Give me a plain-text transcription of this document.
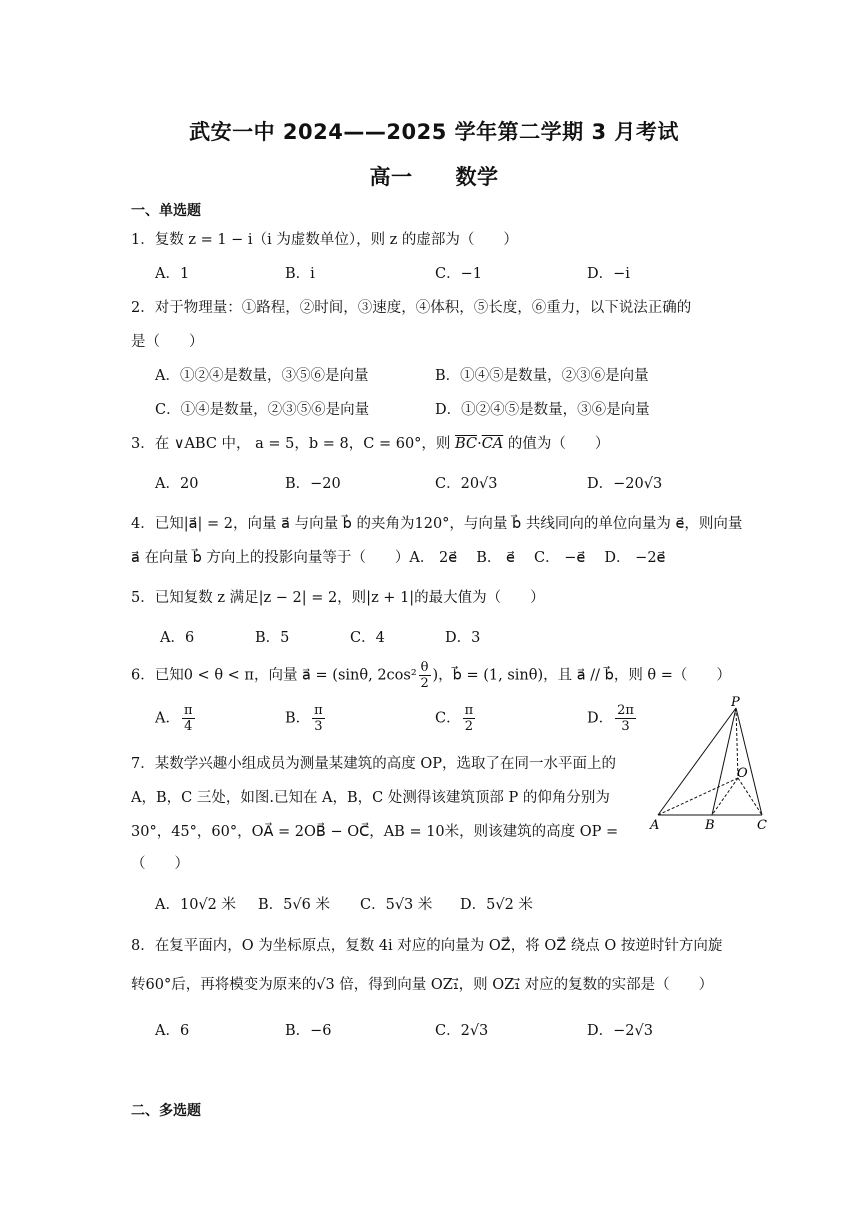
武安一中 2024——2025 学年第二学期 3 月考试
高一　　数学
一、单选题
1．复数 z = 1 − i（i 为虚数单位），则 z 的虚部为（　　）
A．1	B．i	C．−1	D．−i
2．对于物理量：①路程，②时间，③速度，④体积，⑤长度，⑥重力，以下说法正确的
是（　　）
A．①②④是数量，③⑤⑥是向量	B．①④⑤是数量，②③⑥是向量
C．①④是数量，②③⑤⑥是向量	D．①②④⑤是数量，③⑥是向量
3．在 ∨ABC 中， a = 5，b = 8，C = 60°，则 $\overline{BC}\cdot\overline{CA}$ 的值为（　　）
A．20	B．−20	C．20√3	D．−20√3
4．已知|a⃗| = 2，向量 a⃗ 与向量 b⃗ 的夹角为120°，与向量 b⃗ 共线同向的单位向量为 e⃗，则向量
a⃗ 在向量 b⃗ 方向上的投影向量等于（　　）A． 2e⃗　 B． e⃗　 C． −e⃗　 D． −2e⃗
5．已知复数 z 满足|z − 2| = 2，则|z + 1|的最大值为（　　）
A．6	B．5	C．4	D．3
6．已知0 < θ < π，向量 a⃗ = (sinθ, $2\cos^2 \frac{\theta}{2}$ )，b⃗ = (1, sinθ)，且 a⃗ // b⃗，则 θ =（　　）
A． $\frac{\pi}{4}$	B． $\frac{\pi}{3}$	C． $\frac{\pi}{2}$	D． $\frac{2\pi}{3}$
7．某数学兴趣小组成员为测量某建筑的高度 OP，选取了在同一水平面上的
A，B，C 三处，如图.已知在 A，B，C 处测得该建筑顶部 P 的仰角分别为
30°，45°，60°，OA⃗ = 2OB⃗ − OC⃗，AB = 10米，则该建筑的高度 OP =
（　　）
P
O
A	B	C
A．10√2 米 B．5√6 米 C．5√3 米 D．5√2 米
8．在复平面内，O 为坐标原点，复数 4i 对应的向量为 OZ⃗，将 OZ⃗ 绕点 O 按逆时针方向旋
转60°后，再将模变为原来的√3 倍，得到向量 OZ₁⃗，则 OZ₁⃗ 对应的复数的实部是（　　）
A．6	B．−6	C．2√3	D．−2√3
二、多选题
